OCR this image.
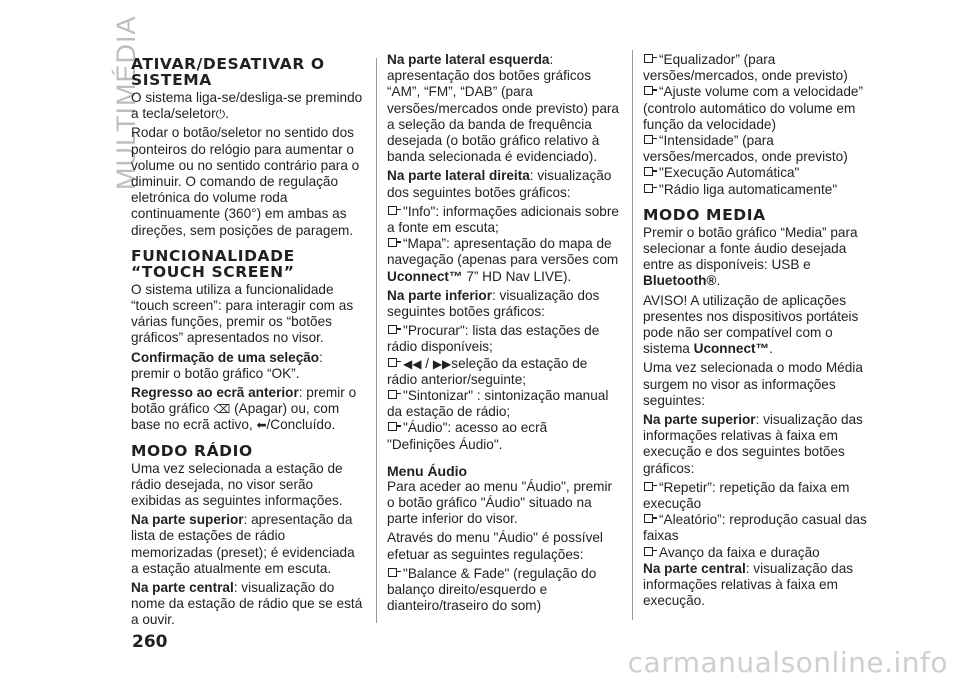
MULTIMÉDIA
ATIVAR/DESATIVAR O SISTEMA

O sistema liga-se/desliga-se premindo a tecla/seletor⏻.

Rodar o botão/seletor no sentido dos ponteiros do relógio para aumentar o volume ou no sentido contrário para o diminuir. O comando de regulação eletrónica do volume roda continuamente (360°) em ambas as direções, sem posições de paragem.

FUNCIONALIDADE “TOUCH SCREEN”

O sistema utiliza a funcionalidade “touch screen”: para interagir com as várias funções, premir os “botões gráficos” apresentados no visor.

Confirmação de uma seleção: premir o botão gráfico “OK”.

Regresso ao ecrã anterior: premir o botão gráfico ⌫ (Apagar) ou, com base no ecrã activo, ⬅/Concluído.

MODO RÁDIO

Uma vez selecionada a estação de rádio desejada, no visor serão exibidas as seguintes informações.

Na parte superior: apresentação da lista de estações de rádio memorizadas (preset); é evidenciada a estação atualmente em escuta.

Na parte central: visualização do nome da estação de rádio que se está a ouvir.

Na parte lateral esquerda: apresentação dos botões gráficos “AM”, “FM”, “DAB” (para versões/mercados onde previsto) para a seleção da banda de frequência desejada (o botão gráfico relativo à banda selecionada é evidenciado).

Na parte lateral direita: visualização dos seguintes botões gráficos:

"Info": informações adicionais sobre a fonte em escuta;
“Mapa”: apresentação do mapa de navegação (apenas para versões com Uconnect™ 7” HD Nav LIVE).

Na parte inferior: visualização dos seguintes botões gráficos:

"Procurar": lista das estações de rádio disponíveis;
◀◀ / ▶▶seleção da estação de rádio anterior/seguinte;
"Sintonizar" : sintonização manual da estação de rádio;
"Áudio": acesso ao ecrã "Definições Áudio".
Menu Áudio

Para aceder ao menu "Áudio", premir o botão gráfico "Áudio" situado na parte inferior do visor.

Através do menu "Áudio" é possível efetuar as seguintes regulações:

"Balance & Fade" (regulação do balanço direito/esquerdo e dianteiro/traseiro do som)
“Equalizador” (para versões/mercados, onde previsto)
“Ajuste volume com a velocidade” (controlo automático do volume em função da velocidade)
“Intensidade” (para versões/mercados, onde previsto)
"Execução Automática"
"Rádio liga automaticamente"
MODO MEDIA

Premir o botão gráfico “Media” para selecionar a fonte áudio desejada entre as disponíveis: USB e Bluetooth®.

AVISO! A utilização de aplicações presentes nos dispositivos portáteis pode não ser compatível com o sistema Uconnect™.

Uma vez selecionada o modo Média surgem no visor as informações seguintes:

Na parte superior: visualização das informações relativas à faixa em execução e dos seguintes botões gráficos:

“Repetir”: repetição da faixa em execução
“Aleatório”: reprodução casual das faixas
Avanço da faixa e duração

Na parte central: visualização das informações relativas à faixa em execução.

260
carmanualsonline.info
